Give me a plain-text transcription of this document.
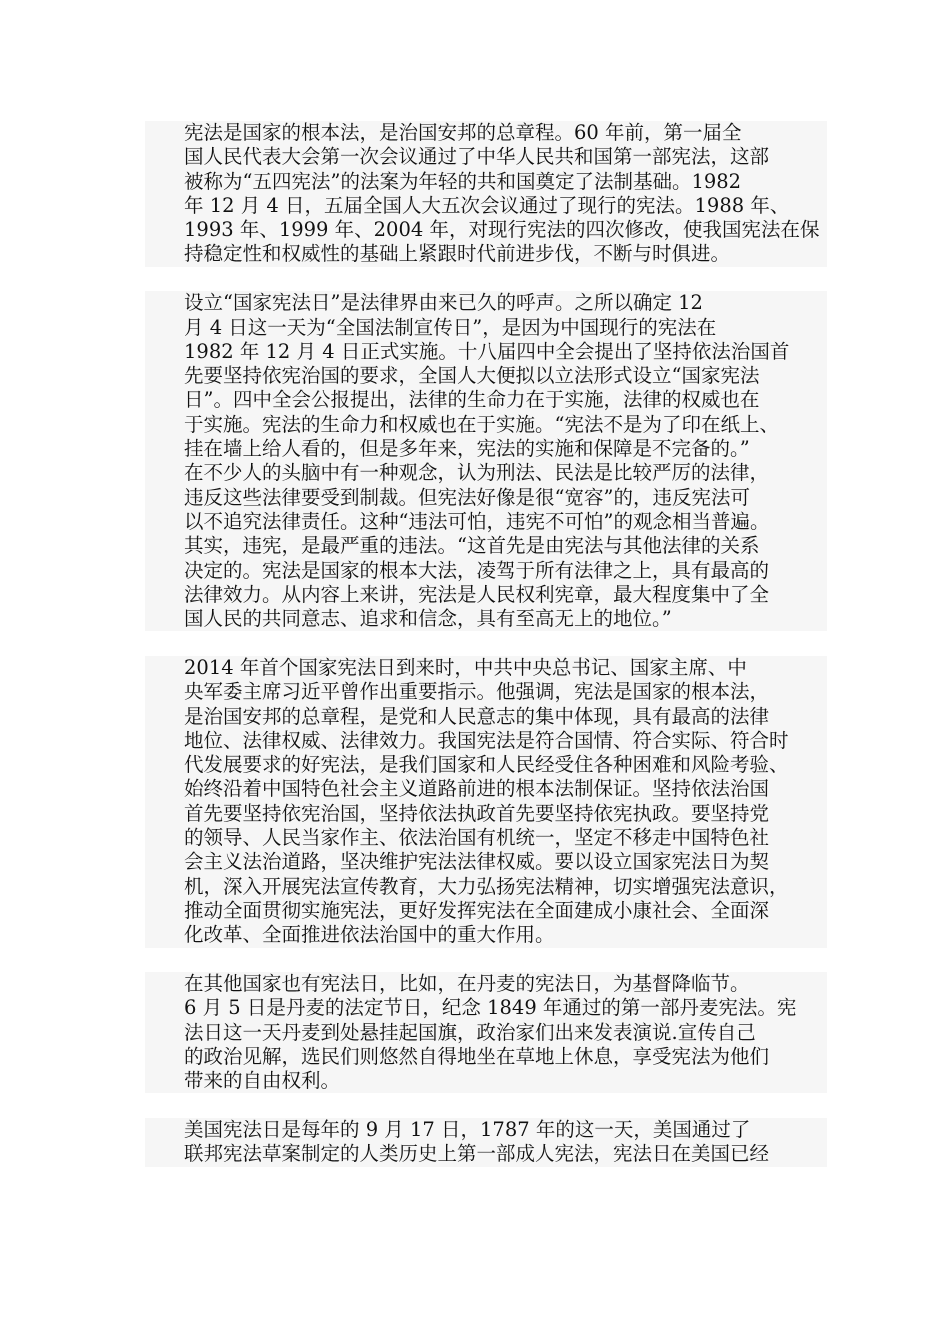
宪法是国家的根本法，是治国安邦的总章程。60 年前，第一届全
国人民代表大会第一次会议通过了中华人民共和国第一部宪法，这部
被称为“五四宪法”的法案为年轻的共和国奠定了法制基础。1982
年 12 月 4 日，五届全国人大五次会议通过了现行的宪法。1988 年、
1993 年、1999 年、2004 年，对现行宪法的四次修改，使我国宪法在保
持稳定性和权威性的基础上紧跟时代前进步伐，不断与时俱进。

设立“国家宪法日”是法律界由来已久的呼声。之所以确定 12
月 4 日这一天为“全国法制宣传日”，是因为中国现行的宪法在
1982 年 12 月 4 日正式实施。十八届四中全会提出了坚持依法治国首
先要坚持依宪治国的要求，全国人大便拟以立法形式设立“国家宪法
日”。四中全会公报提出，法律的生命力在于实施，法律的权威也在
于实施。宪法的生命力和权威也在于实施。“宪法不是为了印在纸上、
挂在墙上给人看的，但是多年来，宪法的实施和保障是不完备的。”
在不少人的头脑中有一种观念，认为刑法、民法是比较严厉的法律，
违反这些法律要受到制裁。但宪法好像是很“宽容”的，违反宪法可
以不追究法律责任。这种“违法可怕，违宪不可怕”的观念相当普遍。
其实，违宪，是最严重的违法。“这首先是由宪法与其他法律的关系
决定的。宪法是国家的根本大法，凌驾于所有法律之上，具有最高的
法律效力。从内容上来讲，宪法是人民权利宪章，最大程度集中了全
国人民的共同意志、追求和信念，具有至高无上的地位。”

2014 年首个国家宪法日到来时，中共中央总书记、国家主席、中
央军委主席习近平曾作出重要指示。他强调，宪法是国家的根本法，
是治国安邦的总章程，是党和人民意志的集中体现，具有最高的法律
地位、法律权威、法律效力。我国宪法是符合国情、符合实际、符合时
代发展要求的好宪法，是我们国家和人民经受住各种困难和风险考验、
始终沿着中国特色社会主义道路前进的根本法制保证。坚持依法治国
首先要坚持依宪治国，坚持依法执政首先要坚持依宪执政。要坚持党
的领导、人民当家作主、依法治国有机统一，坚定不移走中国特色社
会主义法治道路，坚决维护宪法法律权威。要以设立国家宪法日为契
机，深入开展宪法宣传教育，大力弘扬宪法精神，切实增强宪法意识，
推动全面贯彻实施宪法，更好发挥宪法在全面建成小康社会、全面深
化改革、全面推进依法治国中的重大作用。

在其他国家也有宪法日，比如，在丹麦的宪法日，为基督降临节。
6 月 5 日是丹麦的法定节日，纪念 1849 年通过的第一部丹麦宪法。宪
法日这一天丹麦到处悬挂起国旗，政治家们出来发表演说.宣传自己
的政治见解，选民们则悠然自得地坐在草地上休息，享受宪法为他们
带来的自由权利。

美国宪法日是每年的 9 月 17 日，1787 年的这一天，美国通过了
联邦宪法草案制定的人类历史上第一部成人宪法，宪法日在美国已经
